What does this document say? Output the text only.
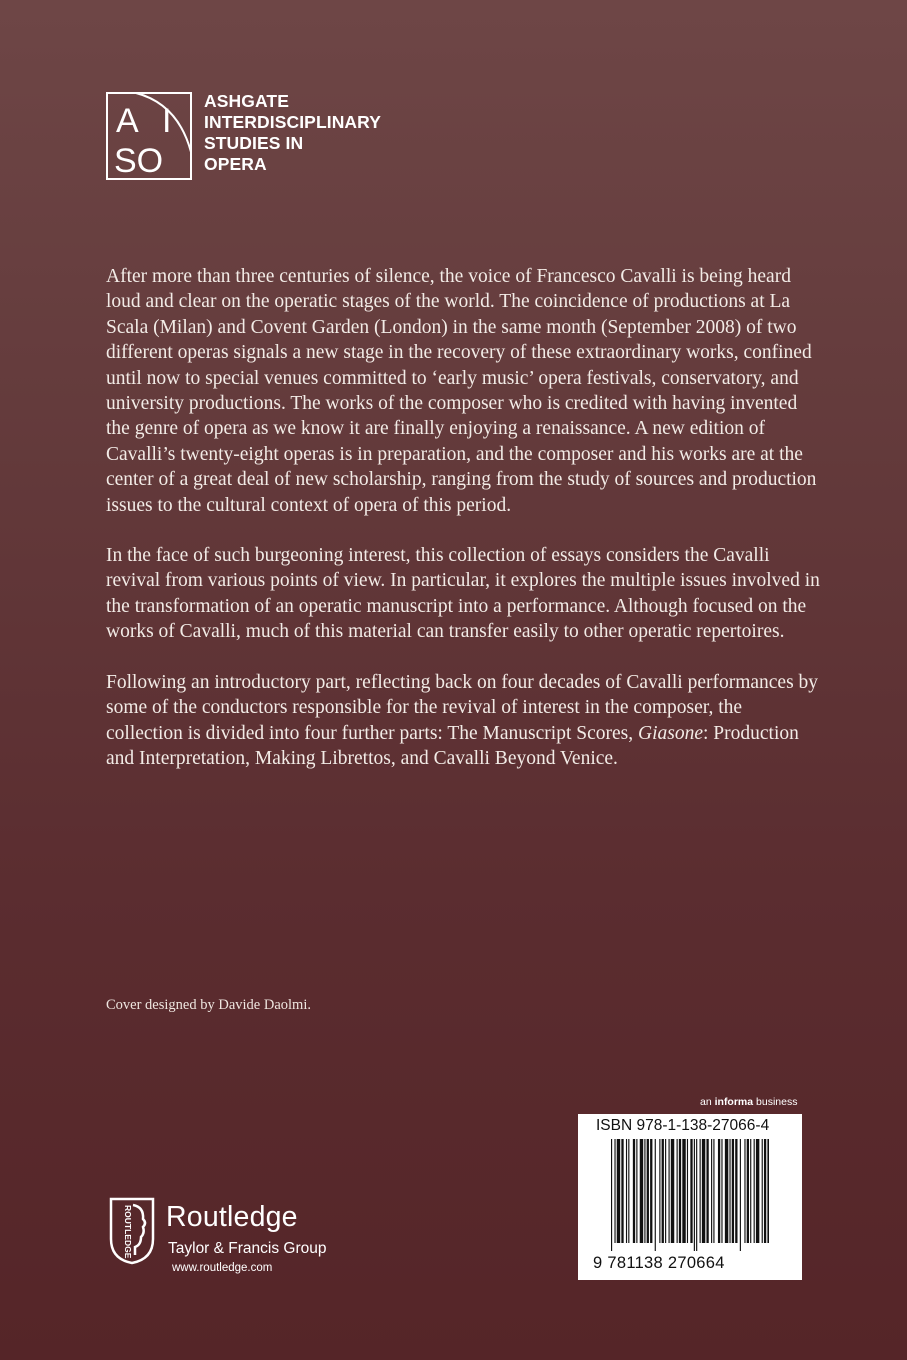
A I
SO
ASHGATE
INTERDISCIPLINARY
STUDIES IN
OPERA

After more than three centuries of silence, the voice of Francesco Cavalli is being heard loud and clear on the operatic stages of the world. The coincidence of productions at La Scala (Milan) and Covent Garden (London) in the same month (September 2008) of two different operas signals a new stage in the recovery of these extraordinary works, confined until now to special venues committed to ‘early music’ opera festivals, conservatory, and university productions. The works of the composer who is credited with having invented the genre of opera as we know it are finally enjoying a renaissance. A new edition of Cavalli’s twenty-eight operas is in preparation, and the composer and his works are at the center of a great deal of new scholarship, ranging from the study of sources and production issues to the cultural context of opera of this period.

In the face of such burgeoning interest, this collection of essays considers the Cavalli revival from various points of view. In particular, it explores the multiple issues involved in the transformation of an operatic manuscript into a performance. Although focused on the works of Cavalli, much of this material can transfer easily to other operatic repertoires.

Following an introductory part, reflecting back on four decades of Cavalli performances by some of the conductors responsible for the revival of interest in the composer, the collection is divided into four further parts: The Manuscript Scores, Giasone: Production and Interpretation, Making Librettos, and Cavalli Beyond Venice.

Cover designed by Davide Daolmi.
an informa business
ISBN 978-1-138-27066-4
9 781138 270664
ROUTLEDGE Routledge
Taylor & Francis Group
www.routledge.com
